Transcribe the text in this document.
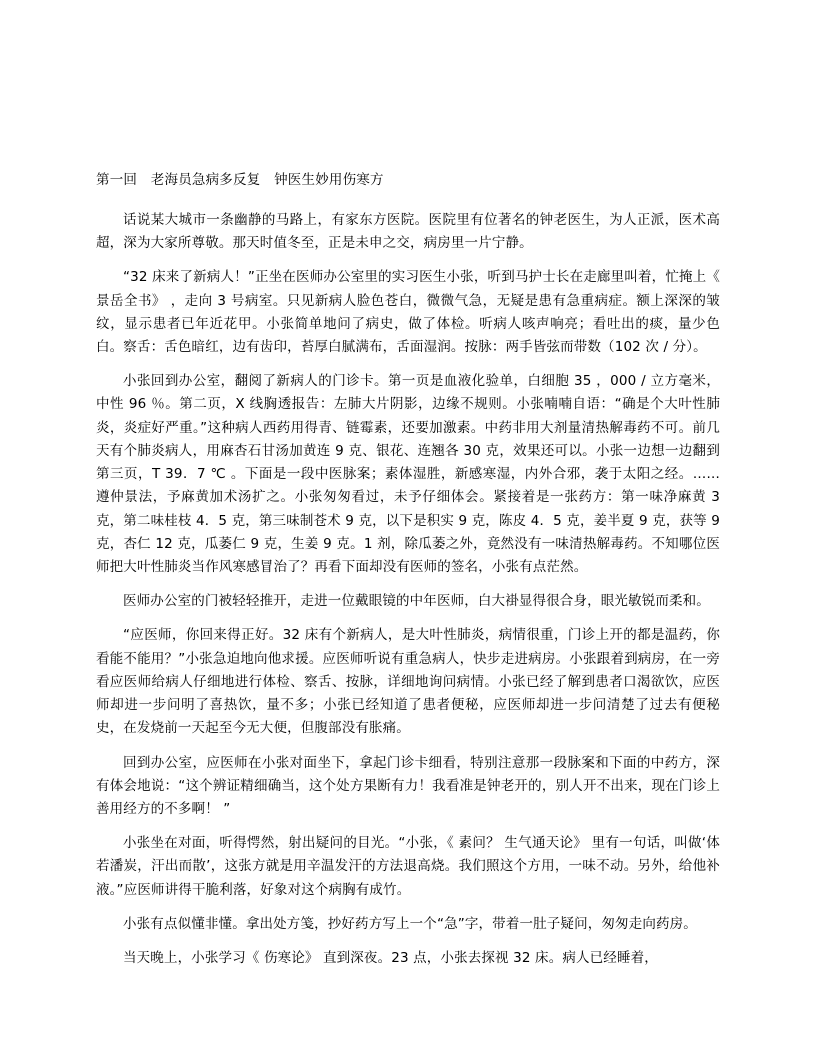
第一回　老海员急病多反复　钟医生妙用伤寒方

话说某大城市一条幽静的马路上，有家东方医院。医院里有位著名的钟老医生，为人正派，医术高超，深为大家所尊敬。那天时值冬至，正是未申之交，病房里一片宁静。

“32 床来了新病人！”正坐在医师办公室里的实习医生小张，听到马护士长在走廊里叫着，忙掩上《 景岳全书》 ，走向 3 号病室。只见新病人脸色苍白，微微气急，无疑是患有急重病症。额上深深的皱纹，显示患者已年近花甲。小张简单地问了病史，做了体检。听病人咳声响亮；看吐出的痰，量少色白。察舌：舌色暗红，边有齿印，苔厚白腻满布，舌面湿润。按脉：两手皆弦而带数（102 次 / 分）。

小张回到办公室，翻阅了新病人的门诊卡。第一页是血液化验单，白细胞 35 ，000 / 立方毫米，中性 96 ％。第二页，X 线胸透报告：左肺大片阴影，边缘不规则。小张喃喃自语：“确是个大叶性肺炎，炎症好严重。”这种病人西药用得青、链霉素，还要加激素。中药非用大剂量清热解毒药不可。前几天有个肺炎病人，用麻杏石甘汤加黄连 9 克、银花、连翘各 30 克，效果还可以。小张一边想一边翻到第三页，T 39．7 ℃ 。下面是一段中医脉案；素体湿胜，新感寒湿，内外合邪，袭于太阳之经。…… 遵仲景法，予麻黄加术汤扩之。小张匆匆看过，未予仔细体会。紧接着是一张药方：第一味净麻黄 3 克，第二味桂枝 4．5 克，第三味制苍术 9 克，以下是积实 9 克，陈皮 4．5 克，姜半夏 9 克，获等 9 克，杏仁 12 克，瓜萎仁 9 克，生姜 9 克。1 剂，除瓜萎之外，竟然没有一味清热解毒药。不知哪位医师把大叶性肺炎当作风寒感冒治了？再看下面却没有医师的签名，小张有点茫然。

医师办公室的门被轻轻推开，走进一位戴眼镜的中年医师，白大褂显得很合身，眼光敏锐而柔和。

“应医师，你回来得正好。32 床有个新病人，是大叶性肺炎，病情很重，门诊上开的都是温药，你看能不能用？”小张急迫地向他求援。应医师听说有重急病人，快步走进病房。小张跟着到病房，在一旁看应医师给病人仔细地进行体检、察舌、按脉，详细地询问病情。小张已经了解到患者口渴欲饮，应医师却进一步问明了喜热饮，量不多；小张已经知道了患者便秘，应医师却进一步问清楚了过去有便秘史，在发烧前一天起至今无大便，但腹部没有胀痛。

回到办公室，应医师在小张对面坐下，拿起门诊卡细看，特别注意那一段脉案和下面的中药方，深有体会地说：“这个辨证精细确当，这个处方果断有力！我看准是钟老开的，别人开不出来，现在门诊上善用经方的不多啊！ ”

小张坐在对面，听得愕然，射出疑问的目光。“小张，《 素问？ 生气通天论》 里有一句话，叫做‘体若潘炭，汗出而散’，这张方就是用辛温发汗的方法退高烧。我们照这个方用，一味不动。另外，给他补液。”应医师讲得干脆利落，好象对这个病胸有成竹。

小张有点似懂非懂。拿出处方笺，抄好药方写上一个“急”字，带着一肚子疑问，匆匆走向药房。

当天晚上，小张学习《 伤寒论》 直到深夜。23 点，小张去探视 32 床。病人已经睡着，
